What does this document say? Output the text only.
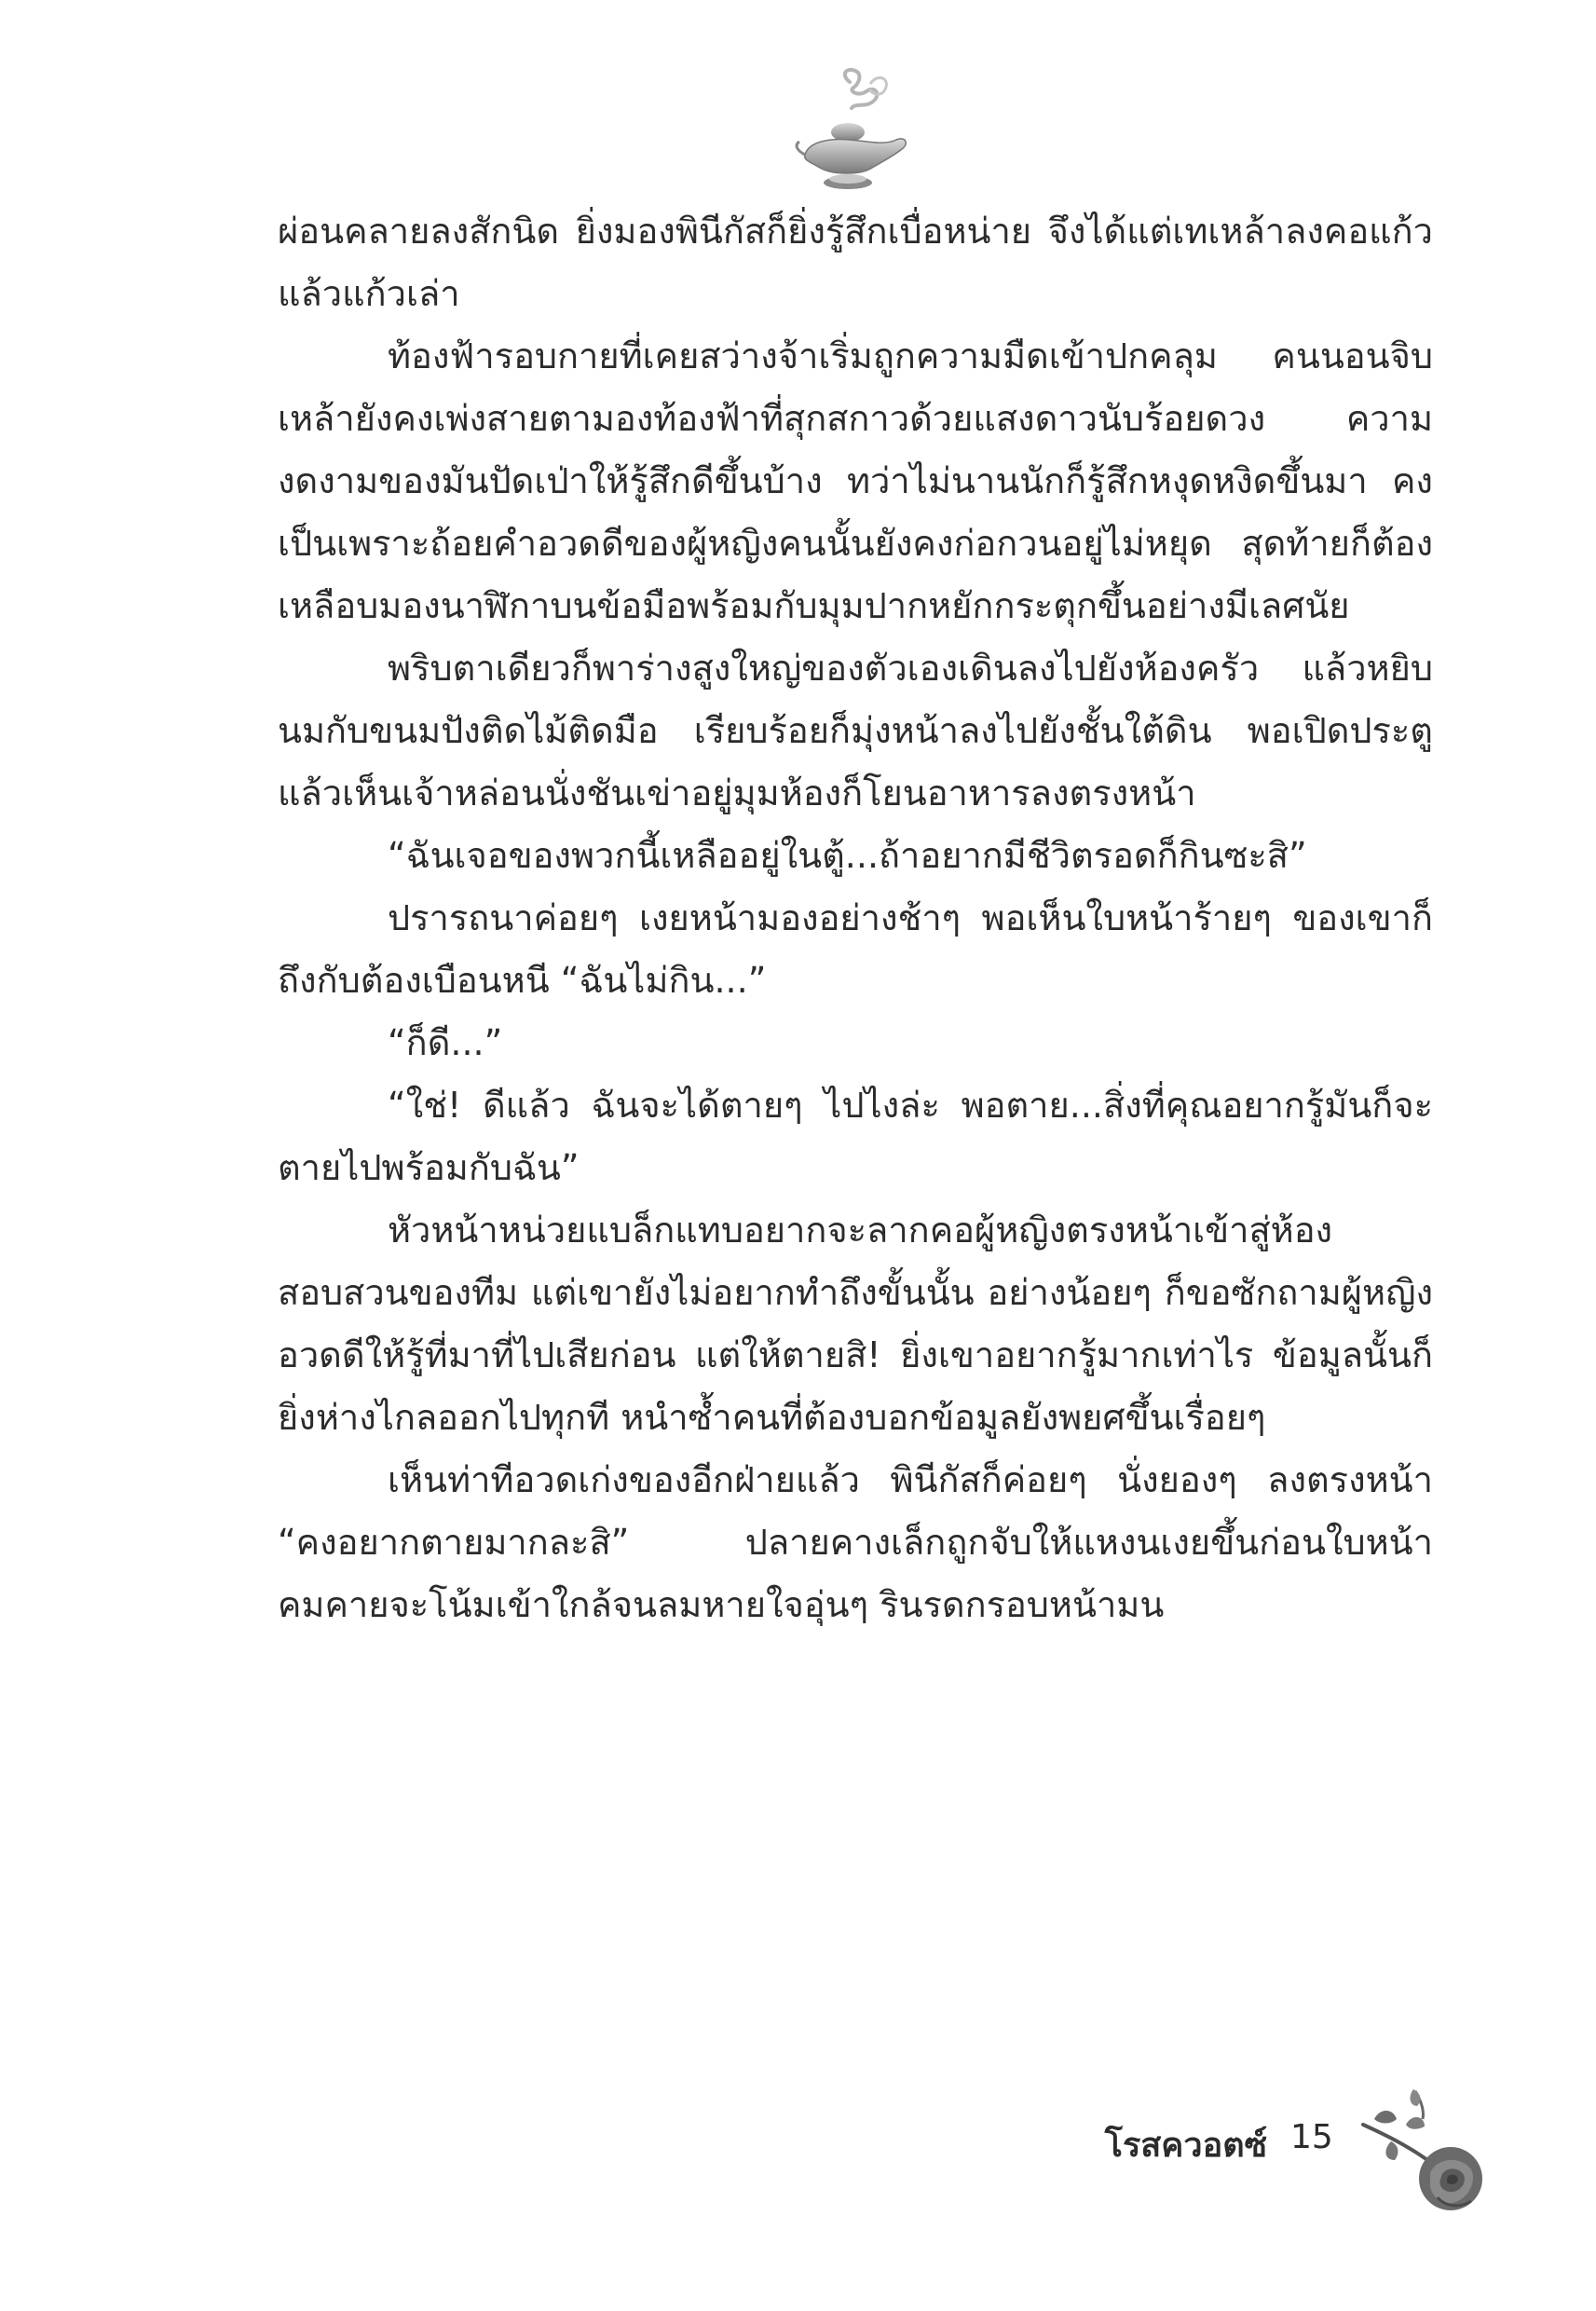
ผ่อนคลายลงสักนิด ยิ่งมองพินีกัสก็ยิ่งรู้สึกเบื่อหน่าย จึงได้แต่เทเหล้าลงคอแก้วแล้วแก้วเล่า

ท้องฟ้ารอบกายที่เคยสว่างจ้าเริ่มถูกความมืดเข้าปกคลุม คนนอนจิบเหล้ายังคงเพ่งสายตามองท้องฟ้าที่สุกสกาวด้วยแสงดาวนับร้อยดวง ความงดงามของมันปัดเป่าให้รู้สึกดีขึ้นบ้าง ทว่าไม่นานนักก็รู้สึกหงุดหงิดขึ้นมา คงเป็นเพราะถ้อยคำอวดดีของผู้หญิงคนนั้นยังคงก่อกวนอยู่ไม่หยุด สุดท้ายก็ต้องเหลือบมองนาฬิกาบนข้อมือพร้อมกับมุมปากหยักกระตุกขึ้นอย่างมีเลศนัย

พริบตาเดียวก็พาร่างสูงใหญ่ของตัวเองเดินลงไปยังห้องครัว แล้วหยิบนมกับขนมปังติดไม้ติดมือ เรียบร้อยก็มุ่งหน้าลงไปยังชั้นใต้ดิน พอเปิดประตูแล้วเห็นเจ้าหล่อนนั่งชันเข่าอยู่มุมห้องก็โยนอาหารลงตรงหน้า

“ฉันเจอของพวกนี้เหลืออยู่ในตู้...ถ้าอยากมีชีวิตรอดก็กินซะสิ”

ปรารถนาค่อยๆ เงยหน้ามองอย่างช้าๆ พอเห็นใบหน้าร้ายๆ ของเขาก็ถึงกับต้องเบือนหนี “ฉันไม่กิน...”

“ก็ดี...”

“ใช่! ดีแล้ว ฉันจะได้ตายๆ ไปไงล่ะ พอตาย...สิ่งที่คุณอยากรู้มันก็จะตายไปพร้อมกับฉัน”

หัวหน้าหน่วยแบล็กแทบอยากจะลากคอผู้หญิงตรงหน้าเข้าสู่ห้องสอบสวนของทีม แต่เขายังไม่อยากทำถึงขั้นนั้น อย่างน้อยๆ ก็ขอซักถามผู้หญิงอวดดีให้รู้ที่มาที่ไปเสียก่อน แต่ให้ตายสิ! ยิ่งเขาอยากรู้มากเท่าไร ข้อมูลนั้นก็ยิ่งห่างไกลออกไปทุกที หนำซ้ำคนที่ต้องบอกข้อมูลยังพยศขึ้นเรื่อยๆ

เห็นท่าทีอวดเก่งของอีกฝ่ายแล้ว พินีกัสก็ค่อยๆ นั่งยองๆ ลงตรงหน้า “คงอยากตายมากละสิ” ปลายคางเล็กถูกจับให้แหงนเงยขึ้นก่อนใบหน้าคมคายจะโน้มเข้าใกล้จนลมหายใจอุ่นๆ รินรดกรอบหน้ามน

โรสควอตซ์ 15
